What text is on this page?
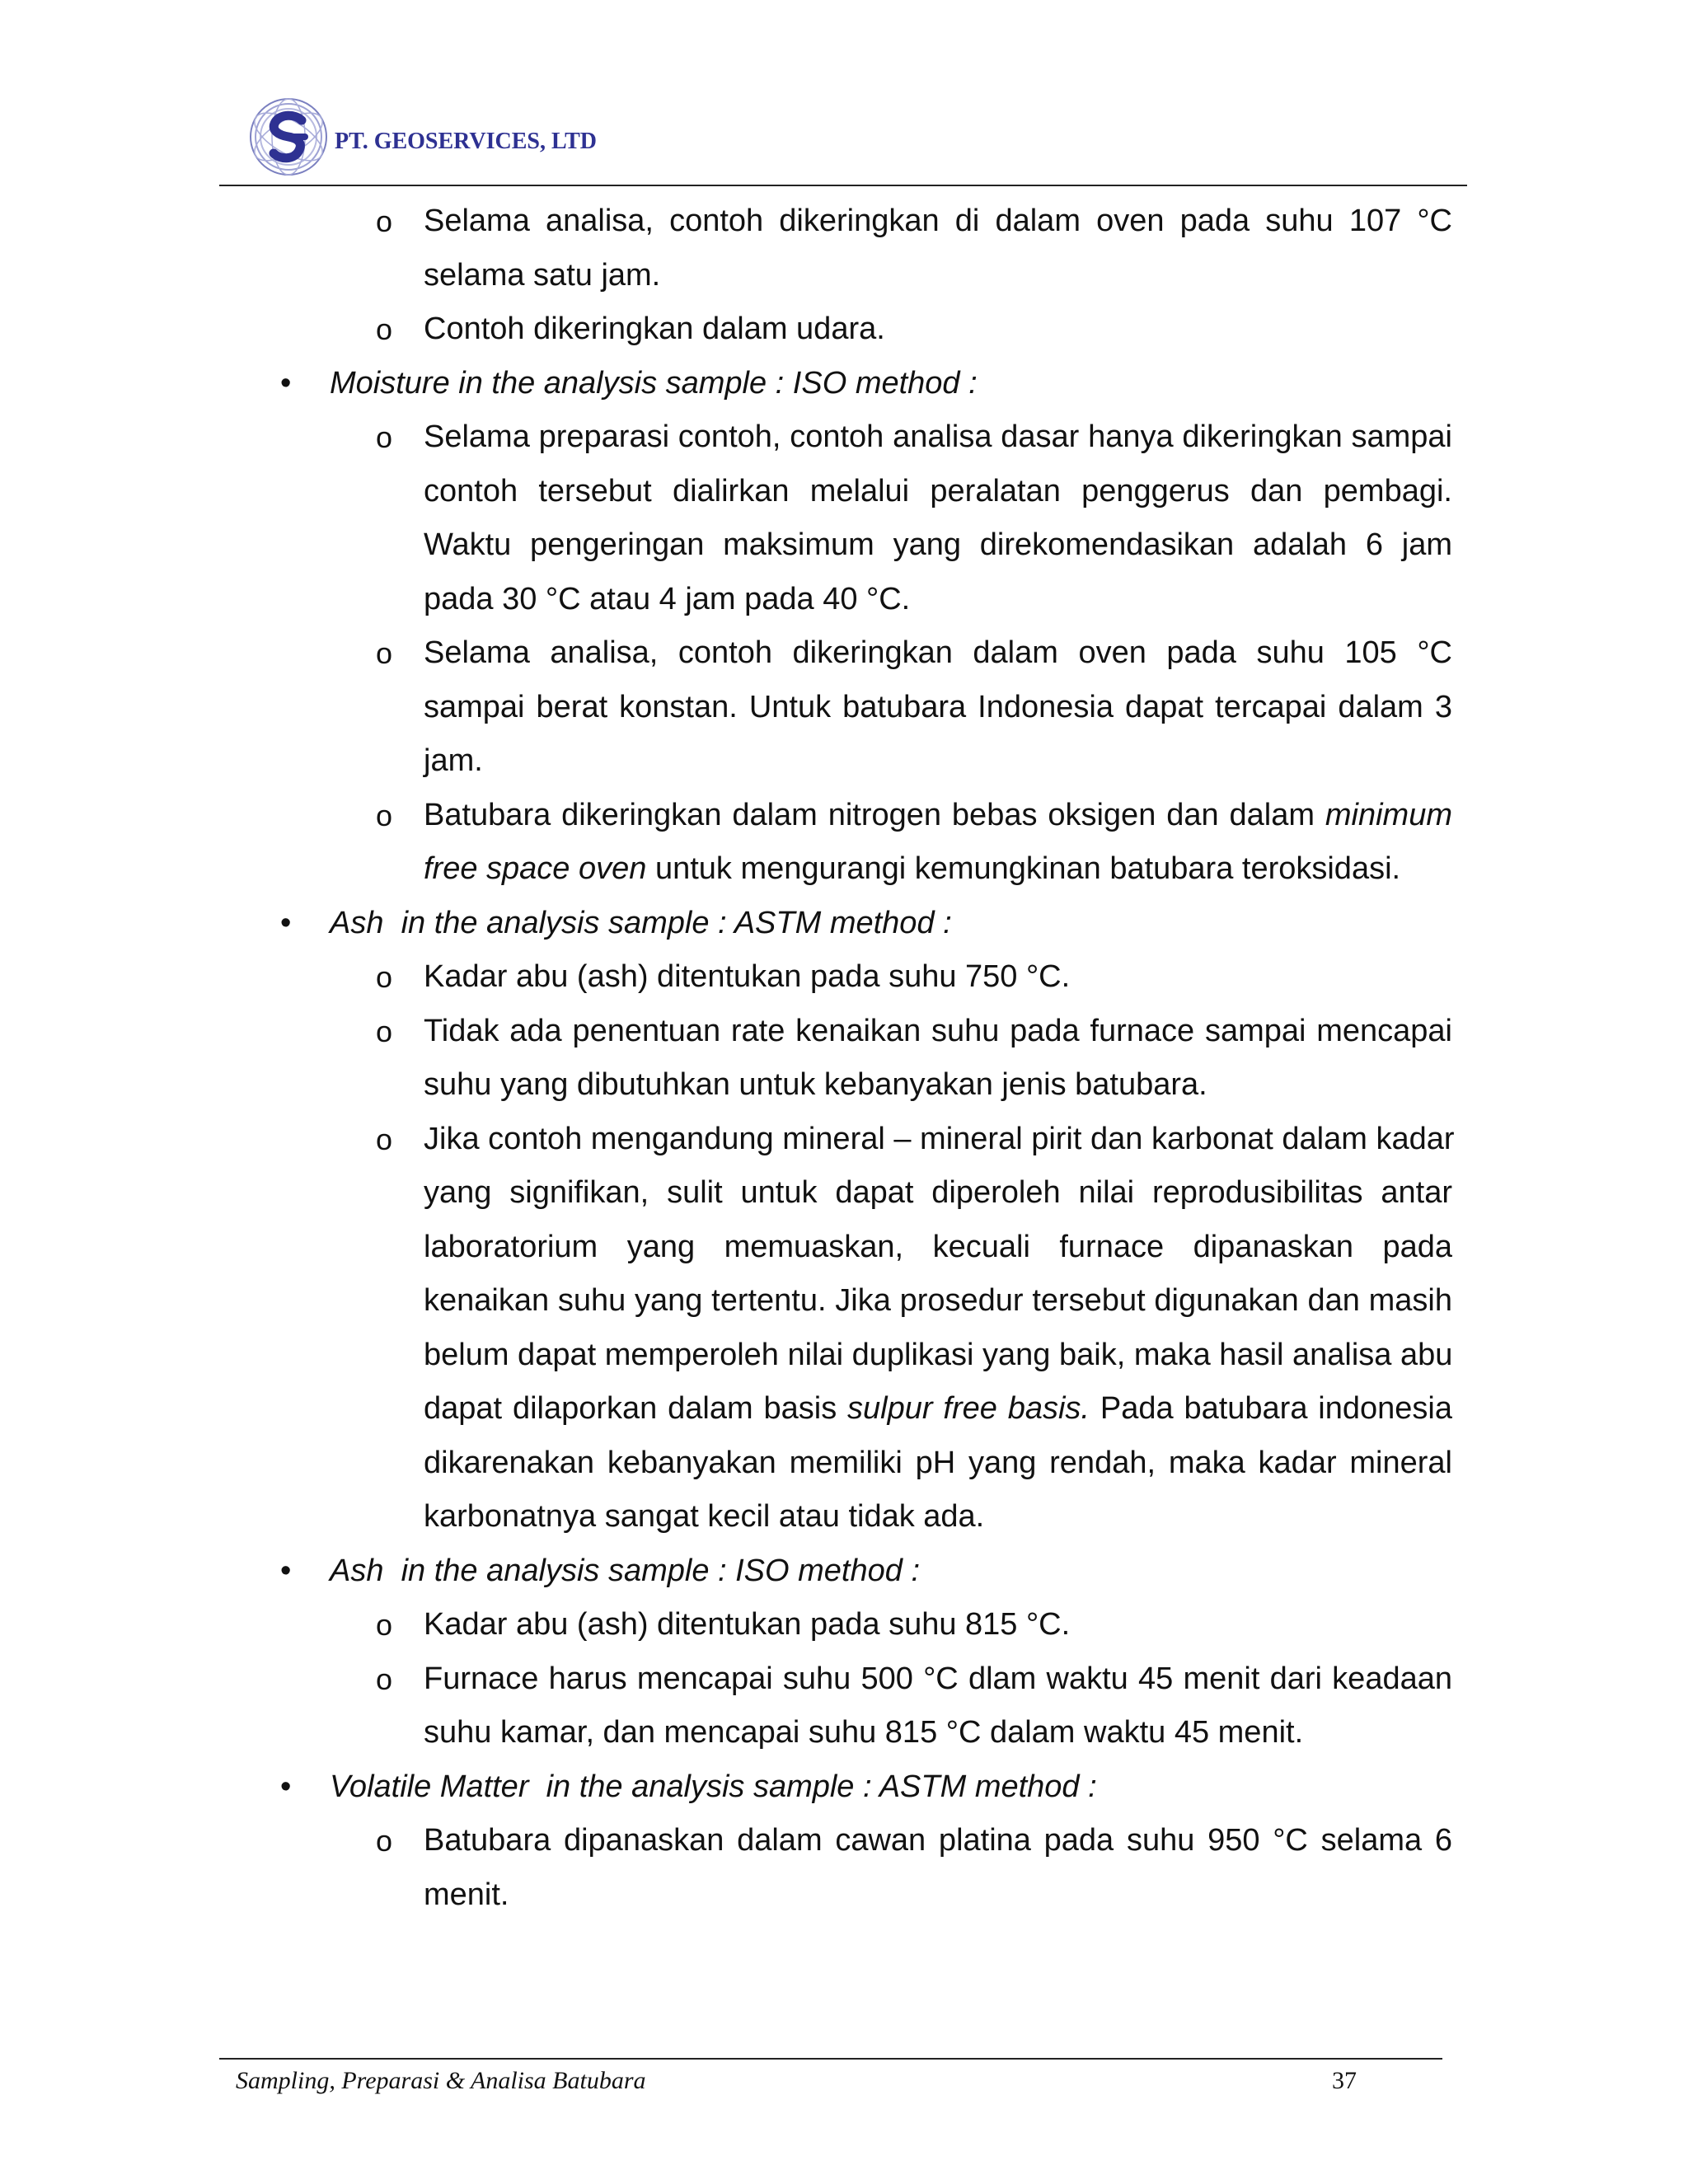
PT. GEOSERVICES, LTD
o Selama analisa, contoh dikeringkan di dalam oven pada suhu 107 °C
selama satu jam.
o Contoh dikeringkan dalam udara.
• Moisture in the analysis sample : ISO method :
o Selama preparasi contoh, contoh analisa dasar hanya dikeringkan sampai
contoh tersebut dialirkan melalui peralatan penggerus dan pembagi.
Waktu pengeringan maksimum yang direkomendasikan adalah 6 jam
pada 30 °C atau 4 jam pada 40 °C.
o Selama analisa, contoh dikeringkan dalam oven pada suhu 105 °C
sampai berat konstan. Untuk batubara Indonesia dapat tercapai dalam 3
jam.
o Batubara dikeringkan dalam nitrogen bebas oksigen dan dalam minimum
free space oven untuk mengurangi kemungkinan batubara teroksidasi.
• Ash  in the analysis sample : ASTM method :
o Kadar abu (ash) ditentukan pada suhu 750 °C.
o Tidak ada penentuan rate kenaikan suhu pada furnace sampai mencapai
suhu yang dibutuhkan untuk kebanyakan jenis batubara.
o Jika contoh mengandung mineral – mineral pirit dan karbonat dalam kadar
yang signifikan, sulit untuk dapat diperoleh nilai reprodusibilitas antar
laboratorium yang memuaskan, kecuali furnace dipanaskan pada
kenaikan suhu yang tertentu. Jika prosedur tersebut digunakan dan masih
belum dapat memperoleh nilai duplikasi yang baik, maka hasil analisa abu
dapat dilaporkan dalam basis sulpur free basis. Pada batubara indonesia
dikarenakan kebanyakan memiliki pH yang rendah, maka kadar mineral
karbonatnya sangat kecil atau tidak ada.
• Ash  in the analysis sample : ISO method :
o Kadar abu (ash) ditentukan pada suhu 815 °C.
o Furnace harus mencapai suhu 500 °C dlam waktu 45 menit dari keadaan
suhu kamar, dan mencapai suhu 815 °C dalam waktu 45 menit.
• Volatile Matter  in the analysis sample : ASTM method :
o Batubara dipanaskan dalam cawan platina pada suhu 950 °C selama 6
menit.
Sampling, Preparasi & Analisa Batubara	37
